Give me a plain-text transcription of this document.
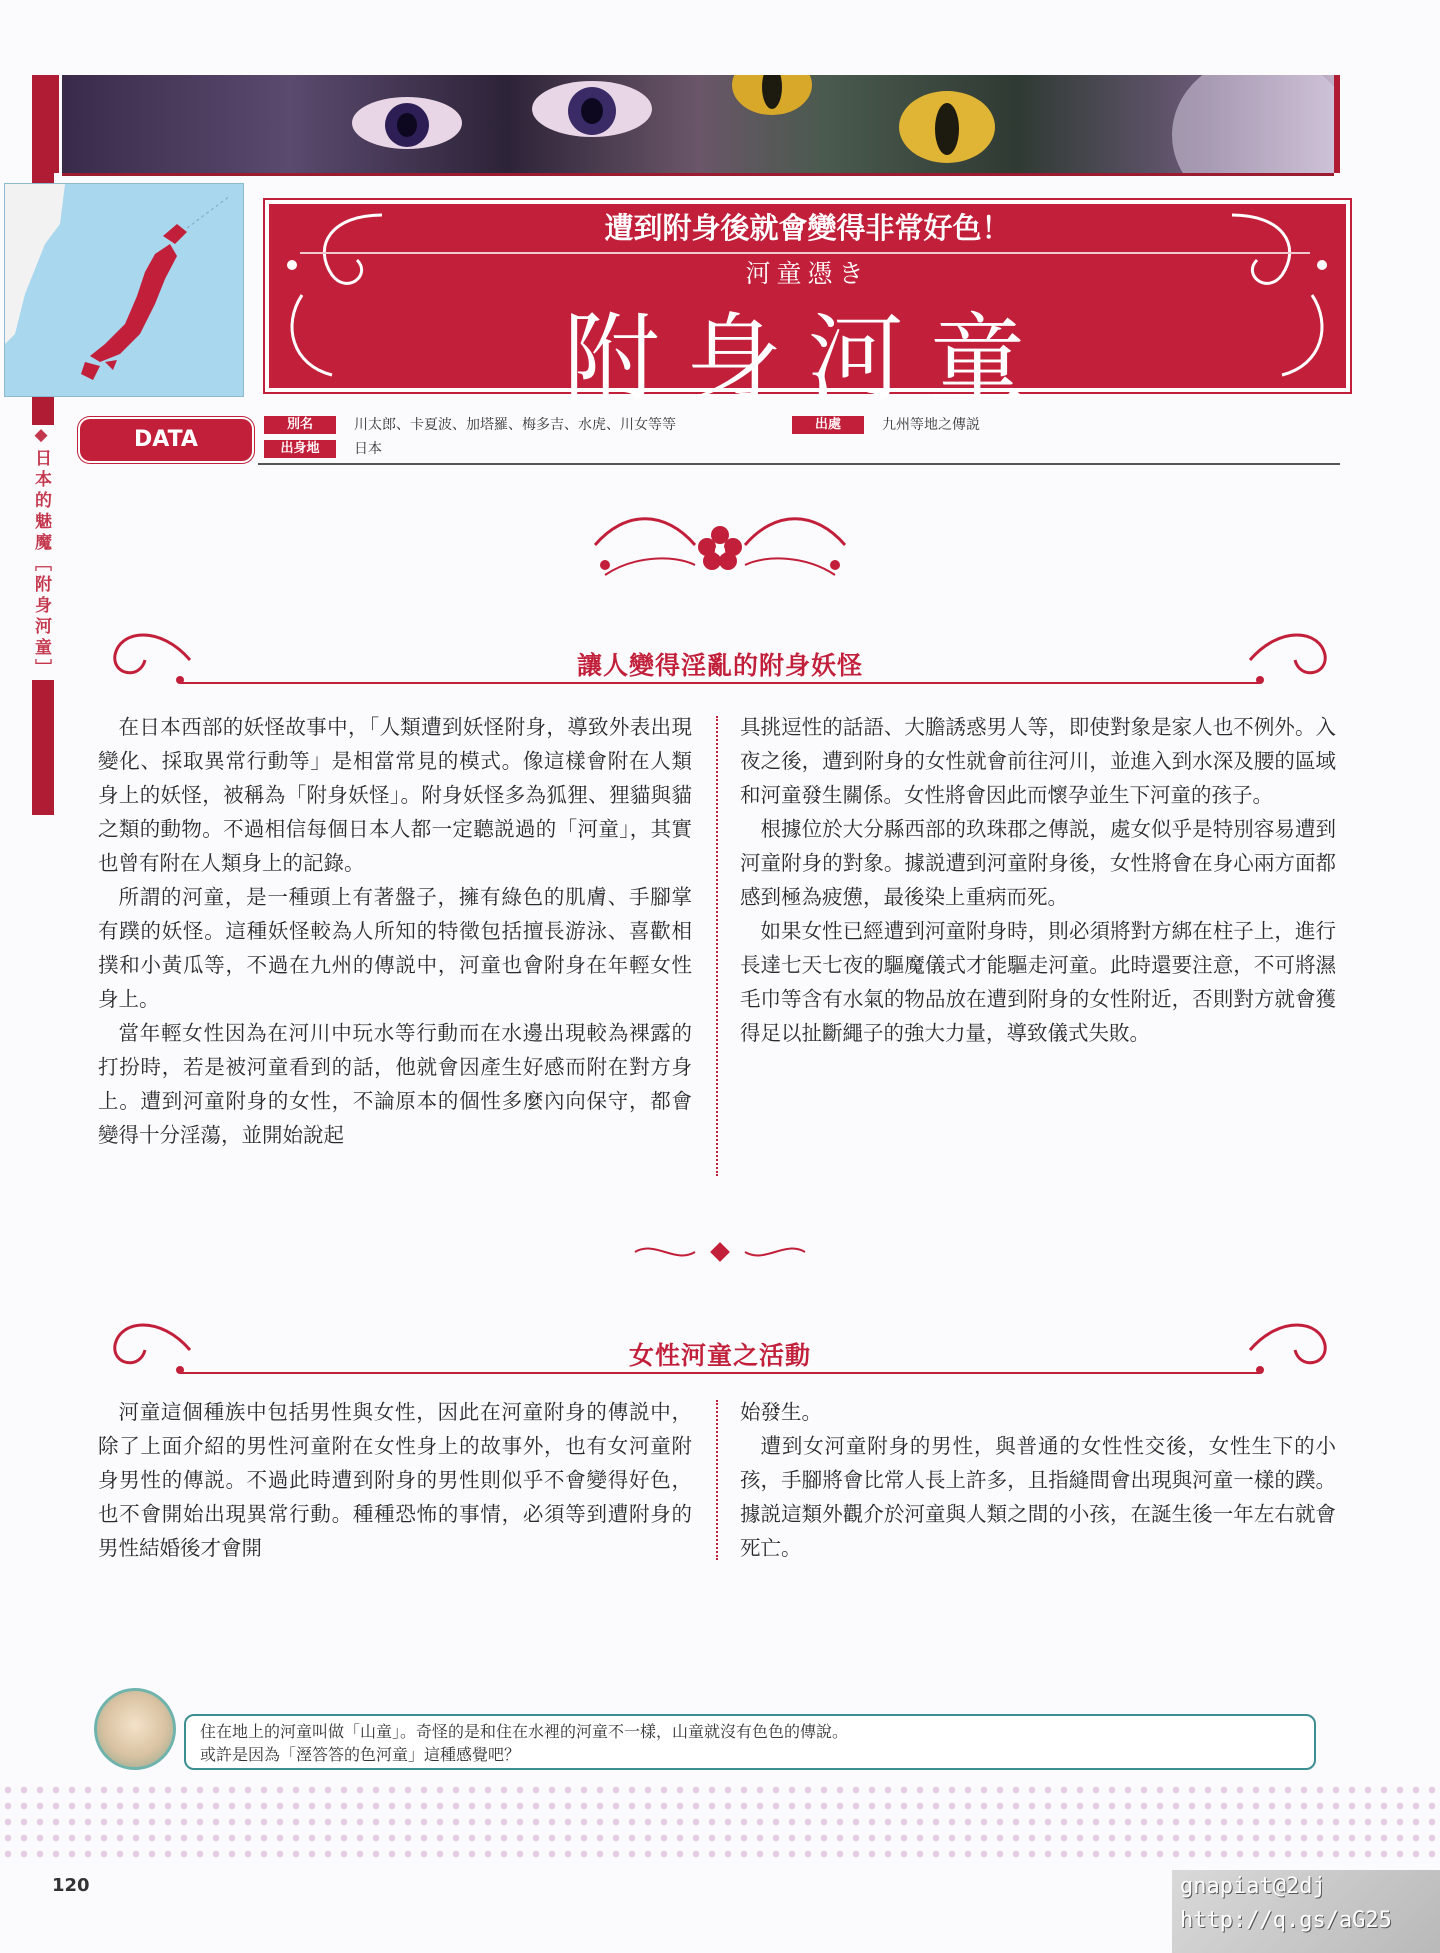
◆日本的魅魔［附身河童］
遭到附身後就會變得非常好色！
河童憑き
附身河童
DATA
別名	川太郎、卡夏波、加塔羅、梅多吉、水虎、川女等等
出身地	日本
出處	九州等地之傳説
讓人變得淫亂的附身妖怪

在日本西部的妖怪故事中，「人類遭到妖怪附身，導致外表出現變化、採取異常行動等」是相當常見的模式。像這樣會附在人類身上的妖怪，被稱為「附身妖怪」。附身妖怪多為狐狸、狸貓與貓之類的動物。不過相信每個日本人都一定聽説過的「河童」，其實也曾有附在人類身上的記錄。

所謂的河童，是一種頭上有著盤子，擁有綠色的肌膚、手腳掌有蹼的妖怪。這種妖怪較為人所知的特徵包括擅長游泳、喜歡相撲和小黃瓜等，不過在九州的傳説中，河童也會附身在年輕女性身上。

當年輕女性因為在河川中玩水等行動而在水邊出現較為裸露的打扮時，若是被河童看到的話，他就會因產生好感而附在對方身上。遭到河童附身的女性，不論原本的個性多麼內向保守，都會變得十分淫蕩，並開始說起

具挑逗性的話語、大膽誘惑男人等，即使對象是家人也不例外。入夜之後，遭到附身的女性就會前往河川，並進入到水深及腰的區域和河童發生關係。女性將會因此而懷孕並生下河童的孩子。

根據位於大分縣西部的玖珠郡之傳説，處女似乎是特別容易遭到河童附身的對象。據説遭到河童附身後，女性將會在身心兩方面都感到極為疲憊，最後染上重病而死。

如果女性已經遭到河童附身時，則必須將對方綁在柱子上，進行長達七天七夜的驅魔儀式才能驅走河童。此時還要注意，不可將濕毛巾等含有水氣的物品放在遭到附身的女性附近，否則對方就會獲得足以扯斷繩子的強大力量，導致儀式失敗。

女性河童之活動

河童這個種族中包括男性與女性，因此在河童附身的傳説中，除了上面介紹的男性河童附在女性身上的故事外，也有女河童附身男性的傳説。不過此時遭到附身的男性則似乎不會變得好色，也不會開始出現異常行動。種種恐怖的事情，必須等到遭附身的男性結婚後才會開

始發生。

遭到女河童附身的男性，與普通的女性性交後，女性生下的小孩，手腳將會比常人長上許多，且指縫間會出現與河童一樣的蹼。據説這類外觀介於河童與人類之間的小孩，在誕生後一年左右就會死亡。

住在地上的河童叫做「山童」。奇怪的是和住在水裡的河童不一樣，山童就沒有色色的傳說。
或許是因為「溼答答的色河童」這種感覺吧？
120	gnapiat@2dj
http://q.gs/aG25
